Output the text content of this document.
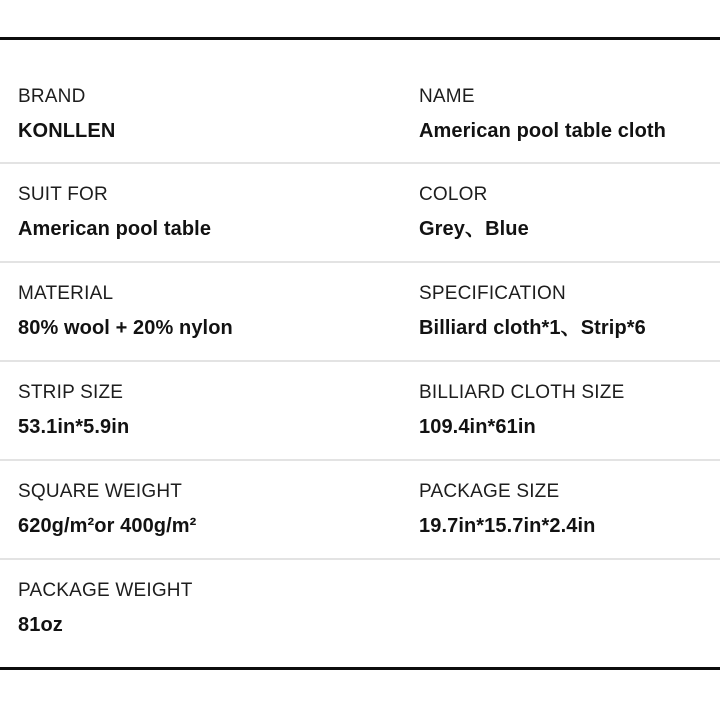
BRAND
KONLLEN
NAME
American pool table cloth
SUIT FOR
American pool table
COLOR
Grey、Blue
MATERIAL
80% wool + 20% nylon
SPECIFICATION
Billiard cloth*1、Strip*6
STRIP SIZE
53.1in*5.9in
BILLIARD CLOTH SIZE
109.4in*61in
SQUARE WEIGHT
620g/m²or 400g/m²
PACKAGE SIZE
19.7in*15.7in*2.4in
PACKAGE WEIGHT
81oz
